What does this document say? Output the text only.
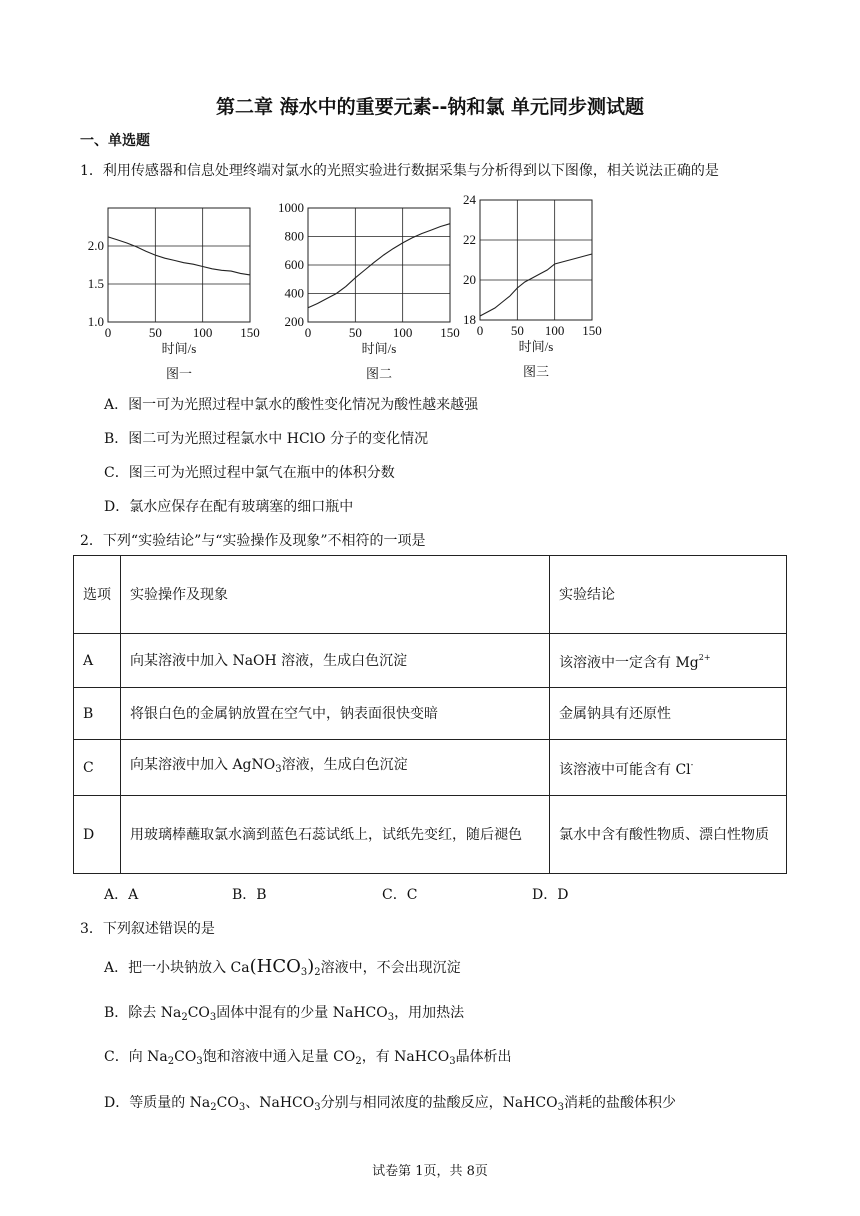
第二章 海水中的重要元素--钠和氯 单元同步测试题
一、单选题
1．利用传感器和信息处理终端对氯水的光照实验进行数据采集与分析得到以下图像，相关说法正确的是
0	50 100 150
1.0
1.5
2.0
时间/s
图一
0	50 100 150
200
400
600
800
1000
时间/s
图二
0 50 100 150
18
20
22
24
时间/s
图三
A．图一可为光照过程中氯水的酸性变化情况为酸性越来越强
B．图二可为光照过程氯水中 HClO 分子的变化情况
C．图三可为光照过程中氯气在瓶中的体积分数
D．氯水应保存在配有玻璃塞的细口瓶中
2．下列“实验结论”与“实验操作及现象”不相符的一项是
选项	实验操作及现象	实验结论
A	向某溶液中加入 NaOH 溶液，生成白色沉淀	该溶液中一定含有 $Mg^{2+}$
B	将银白色的金属钠放置在空气中，钠表面很快变暗	金属钠具有还原性
C	向某溶液中加入 AgNO$_3$溶液，生成白色沉淀	该溶液中可能含有 Cl-
D	用玻璃棒蘸取氯水滴到蓝色石蕊试纸上，试纸先变红，随后褪色	氯水中含有酸性物质、漂白性物质
A．A	B．B	C．C	D．D
3．下列叙述错误的是
A．把一小块钠放入 $Ca(HCO_3)_2$溶液中，不会出现沉淀
B．除去 $Na_2CO_3$固体中混有的少量 NaHCO$_3$，用加热法
C．向 $Na_2CO_3$饱和溶液中通入足量 $CO_2$，有 NaHCO$_3$晶体析出
D．等质量的 $Na_2CO_3$、NaHCO$_3$分别与相同浓度的盐酸反应，NaHCO$_3$消耗的盐酸体积少
试卷第 1页，共 8页
